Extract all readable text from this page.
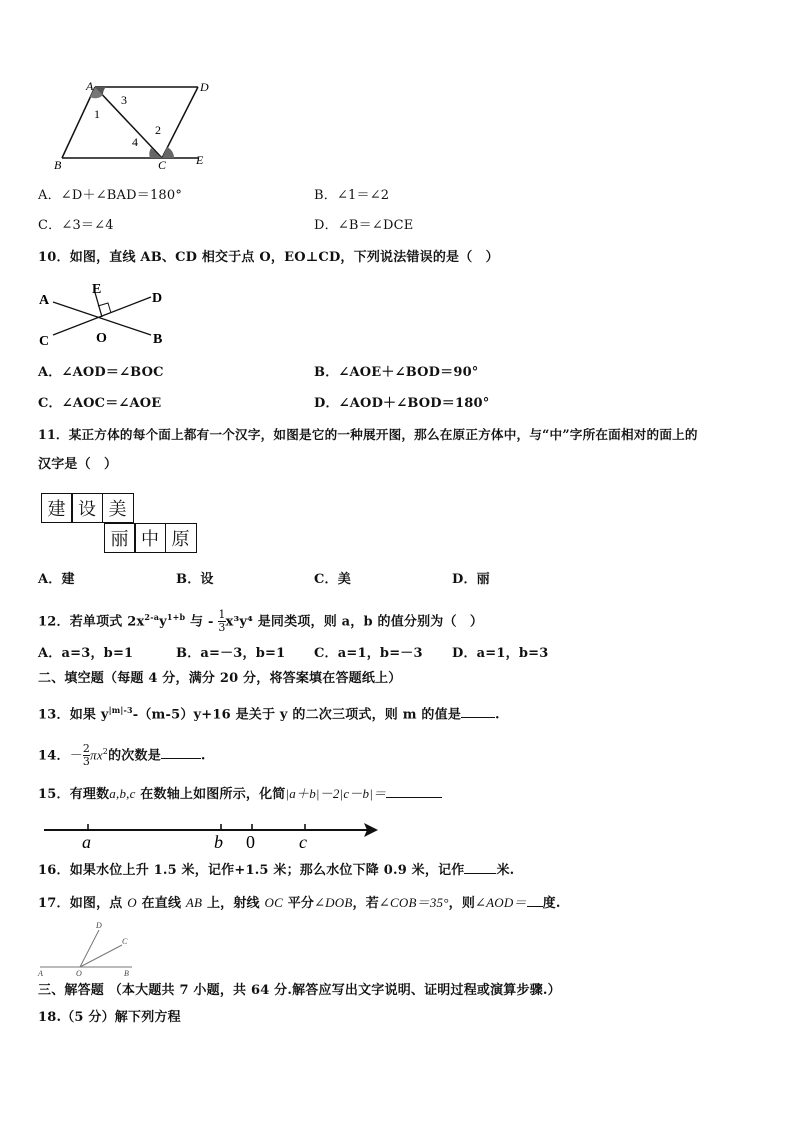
A	D
B	C E
1
3
2
4
A．∠D＋∠BAD＝180°	B．∠1＝∠2
C．∠3＝∠4	D．∠B＝∠DCE
10．如图，直线 AB、CD 相交于点 O，EO⊥CD，下列说法错误的是（　）
A
E
D
C	O	B
A．∠AOD＝∠BOC	B．∠AOE＋∠BOD＝90°
C．∠AOC＝∠AOE	D．∠AOD＋∠BOD＝180°
11．某正方体的每个面上都有一个汉字，如图是它的一种展开图，那么在原正方体中，与“中”字所在面相对的面上的
汉字是（　）
建 设 美
丽 中 原
A．建	B．设	C．美	D．丽
12．若单项式 $2x^{2-a}y^{1+b}$ 与 - $\frac{1}{3} x^3y^4$ 是同类项，则 a，b 的值分别为（　）
A．a=3，b=1	B．a=－3，b=1 C．a=1，b=－3 D．a=1，b=3
二、填空题（每题 4 分，满分 20 分，将答案填在答题纸上）
13．如果 $y^{|m|-3}-(m-5)y+16$ 是关于 y 的二次三项式，则 m 的值是	.
14．－ $\frac{2}{3} \pi x^2$的次数是	.
15．有理数a,b,c 在数轴上如图所示，化简|a＋b|－2|c－b|＝
a	b 0 c
16．如果水位上升 1.5 米，记作+1.5 米；那么水位下降 0.9 米，记作 米.
17．如图，点 O 在直线 AB 上，射线 OC 平分∠DOB，若∠COB＝35°，则∠AOD＝ 度.
A	O	B
C
D
三、解答题 （本大题共 7 小题，共 64 分.解答应写出文字说明、证明过程或演算步骤.）
18.（5 分）解下列方程
